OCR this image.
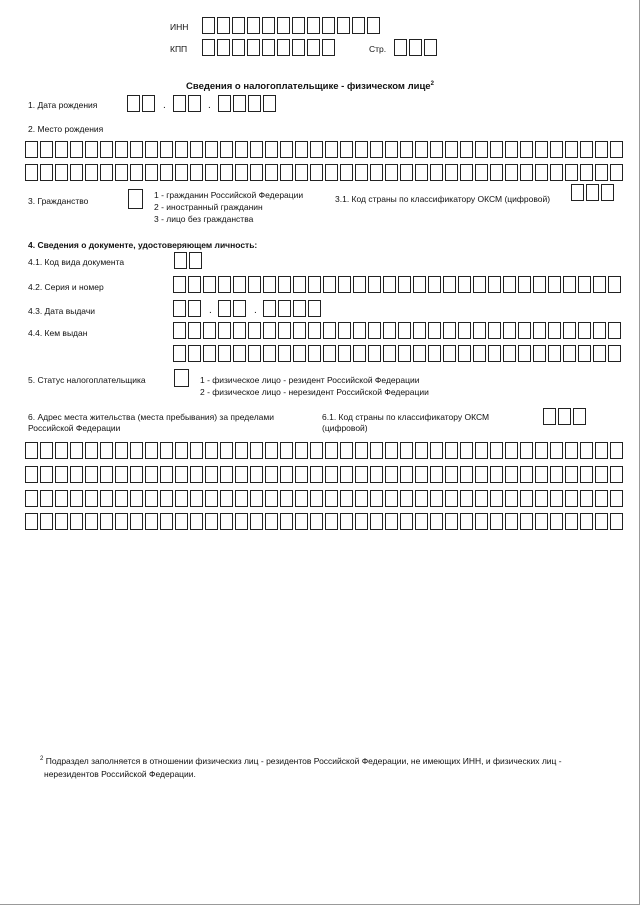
ИНН
КПП	Стр.
Сведения о налогоплательщике - физическом лице$^2$
1. Дата рождения	.	.
2. Место рождения
3. Гражданство
1 - гражданин Российской Федерации
2 - иностранный гражданин
3 - лицо без гражданства
3.1. Код страны по классификатору ОКСМ (цифровой)
4. Сведения о документе, удостоверяющем личность:
4.1. Код вида документа
4.2. Серия и номер
4.3. Дата выдачи	.	.
4.4. Кем выдан
5. Статус налогоплательщика	1 - физическое лицо - резидент Российской Федерации
2 - физическое лицо - нерезидент Российской Федерации
6. Адрес места жительства (места пребывания) за пределами
Российской Федерации
6.1. Код страны по классификатору ОКСМ
(цифровой)
$^2$ Подраздел заполняется в отношении физическиз лиц - резидентов Российской Федерации, не имеющих ИНН, и физических лиц -
нерезидентов Российской Федерации.
